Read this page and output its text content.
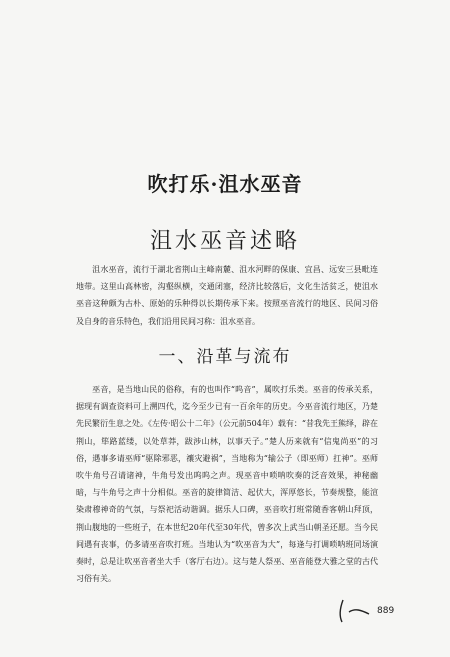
吹打乐·沮水巫音
沮水巫音述略

沮水巫音，流行于湖北省荆山主峰南麓、沮水河畔的保康、宜昌、远安三县毗连地带。这里山高林密，沟壑纵横，交通闭塞，经济比较落后，文化生活贫乏，使沮水巫音这种颇为古朴、原始的乐种得以长期传承下来。按照巫音流行的地区、民间习俗及自身的音乐特色，我们沿用民间习称：沮水巫音。

一、沿革与流布

巫音，是当地山民的俗称，有的也叫作“呜音”，属吹打乐类。巫音的传承关系，据现有调查资料可上溯四代，迄今至少已有一百余年的历史。今巫音流行地区，乃楚先民繁衍生息之处。《左传·昭公十二年》（公元前504年）载有：“昔我先王熊绎，辟在荆山，筚路蓝缕，以处草莽，跋涉山林，以事天子。”楚人历来就有“信鬼尚巫”的习俗，遇事多请巫师“驱除邪恶，禳灾避祸”，当地称为“输公子（即巫师）扛神”。巫师吹牛角号召请诸神，牛角号发出呜呜之声。现巫音中唢呐吹奏的泛音效果，神秘幽暗，与牛角号之声十分相似。巫音的旋律简洁、起伏大，浑厚悠长，节奏规整，能渲染肃穆神奇的气氛，与祭祀活动谐调。据乐人口碑，巫音吹打班常随香客朝山拜顶，荆山腹地的一些班子，在本世纪20年代至30年代，曾多次上武当山朝圣还愿。当今民间遇有丧事，仍多请巫音吹打班。当地认为“吹巫音为大”，每逢与打调唢呐班同场演奏时，总是让吹巫音者坐大手（客厅右边）。这与楚人祭巫、巫音能登大雅之堂的古代习俗有关。

889
